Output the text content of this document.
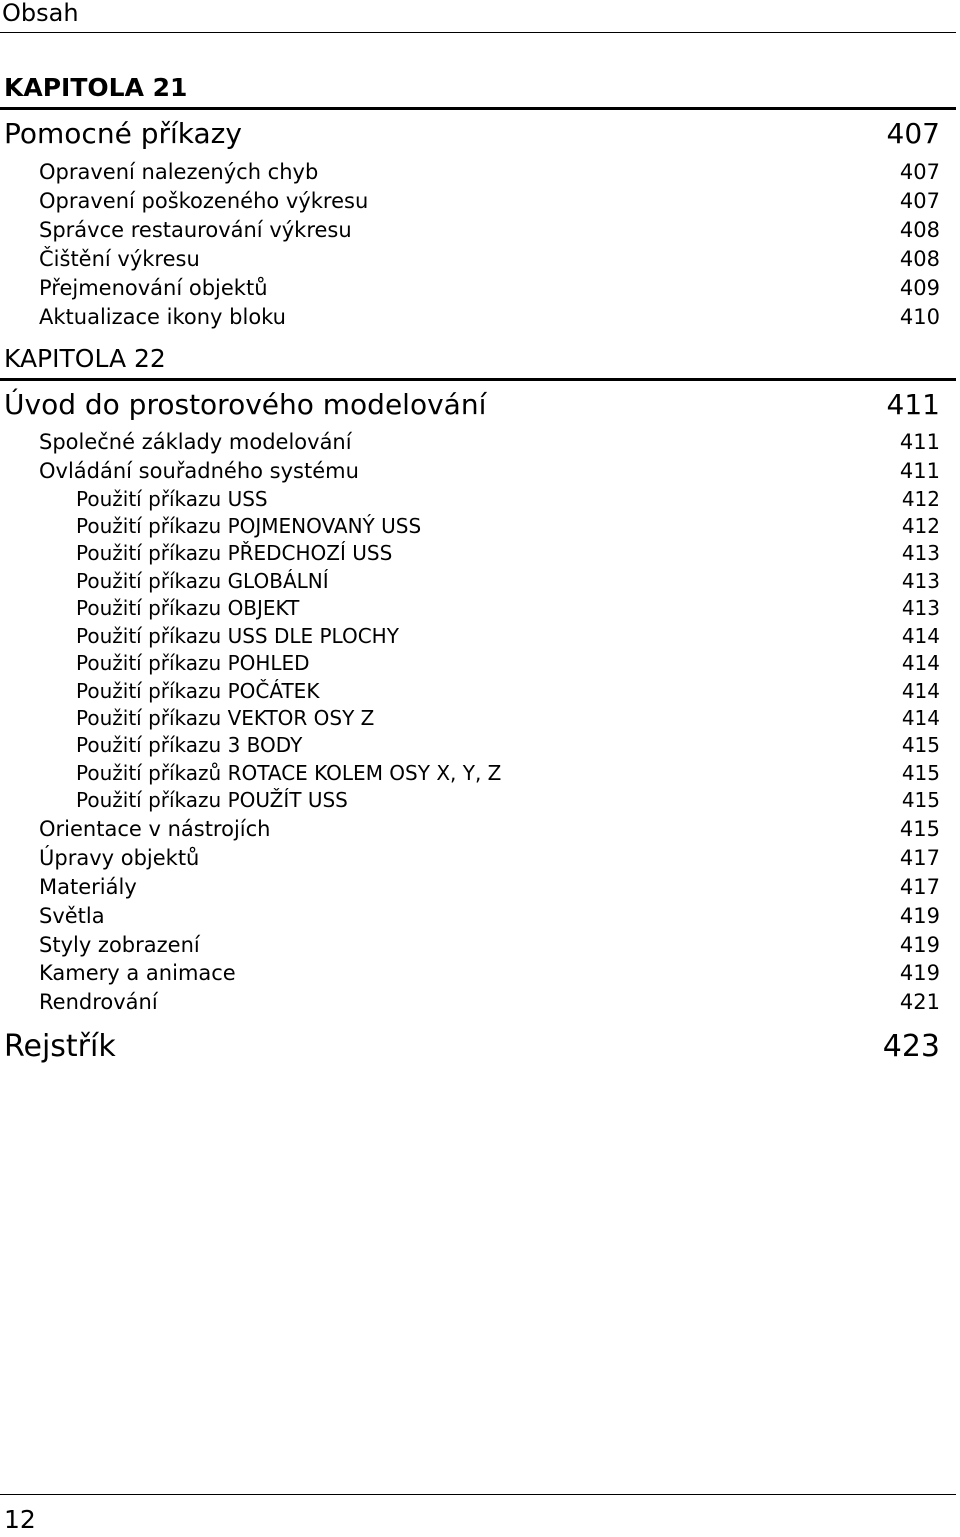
Obsah
KAPITOLA 21
Pomocné příkazy	407
Opravení nalezených chyb	407
Opravení poškozeného výkresu	407
Správce restaurování výkresu	408
Čištění výkresu	408
Přejmenování objektů	409
Aktualizace ikony bloku	410
KAPITOLA 22
Úvod do prostorového modelování	411
Společné základy modelování	411
Ovládání souřadného systému	411
Použití příkazu USS	412
Použití příkazu POJMENOVANÝ USS	412
Použití příkazu PŘEDCHOZÍ USS	413
Použití příkazu GLOBÁLNÍ	413
Použití příkazu OBJEKT	413
Použití příkazu USS DLE PLOCHY	414
Použití příkazu POHLED	414
Použití příkazu POČÁTEK	414
Použití příkazu VEKTOR OSY Z	414
Použití příkazu 3 BODY	415
Použití příkazů ROTACE KOLEM OSY X, Y, Z	415
Použití příkazu POUŽÍT USS	415
Orientace v nástrojích	415
Úpravy objektů	417
Materiály	417
Světla	419
Styly zobrazení	419
Kamery a animace	419
Rendrování	421
Rejstřík	423
12
